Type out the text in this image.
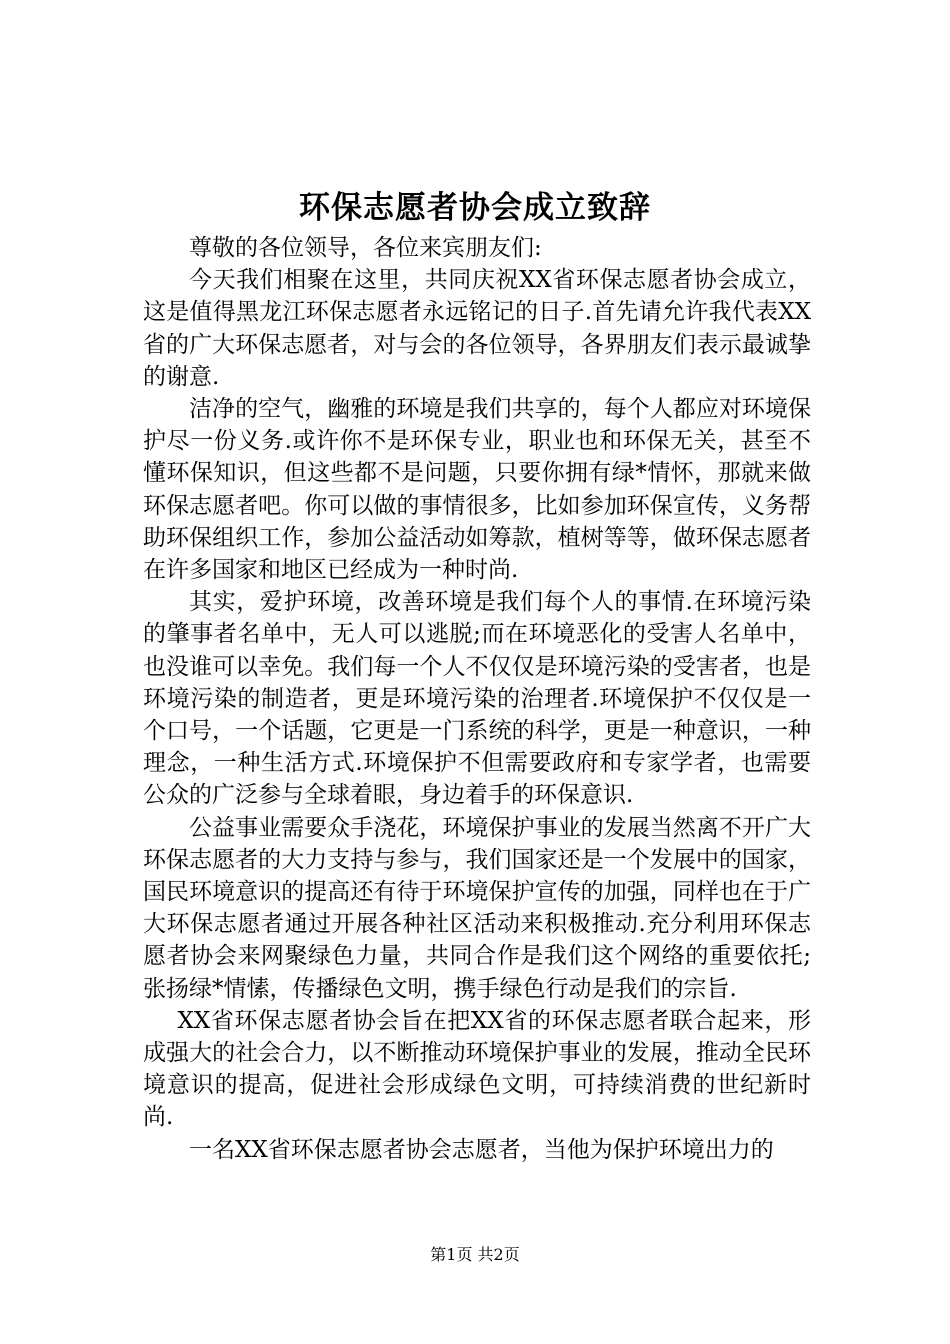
环保志愿者协会成立致辞

尊敬的各位领导，各位来宾朋友们:

今天我们相聚在这里，共同庆祝XX省环保志愿者协会成立，这是值得黑龙江环保志愿者永远铭记的日子.首先请允许我代表XX省的广大环保志愿者，对与会的各位领导，各界朋友们表示最诚挚的谢意.

洁净的空气，幽雅的环境是我们共享的，每个人都应对环境保护尽一份义务.或许你不是环保专业，职业也和环保无关，甚至不懂环保知识，但这些都不是问题，只要你拥有绿*情怀，那就来做环保志愿者吧。你可以做的事情很多，比如参加环保宣传，义务帮助环保组织工作，参加公益活动如筹款，植树等等，做环保志愿者在许多国家和地区已经成为一种时尚.

其实，爱护环境，改善环境是我们每个人的事情.在环境污染的肇事者名单中，无人可以逃脱;而在环境恶化的受害人名单中，也没谁可以幸免。我们每一个人不仅仅是环境污染的受害者，也是环境污染的制造者，更是环境污染的治理者.环境保护不仅仅是一个口号，一个话题，它更是一门系统的科学，更是一种意识，一种理念，一种生活方式.环境保护不但需要政府和专家学者，也需要公众的广泛参与全球着眼，身边着手的环保意识.

公益事业需要众手浇花，环境保护事业的发展当然离不开广大环保志愿者的大力支持与参与，我们国家还是一个发展中的国家，国民环境意识的提高还有待于环境保护宣传的加强，同样也在于广大环保志愿者通过开展各种社区活动来积极推动.充分利用环保志愿者协会来网聚绿色力量，共同合作是我们这个网络的重要依托;张扬绿*情愫，传播绿色文明，携手绿色行动是我们的宗旨.

XX省环保志愿者协会旨在把XX省的环保志愿者联合起来，形成强大的社会合力，以不断推动环境保护事业的发展，推动全民环境意识的提高，促进社会形成绿色文明，可持续消费的世纪新时尚.

一名XX省环保志愿者协会志愿者，当他为保护环境出力的

第1页 共2页
